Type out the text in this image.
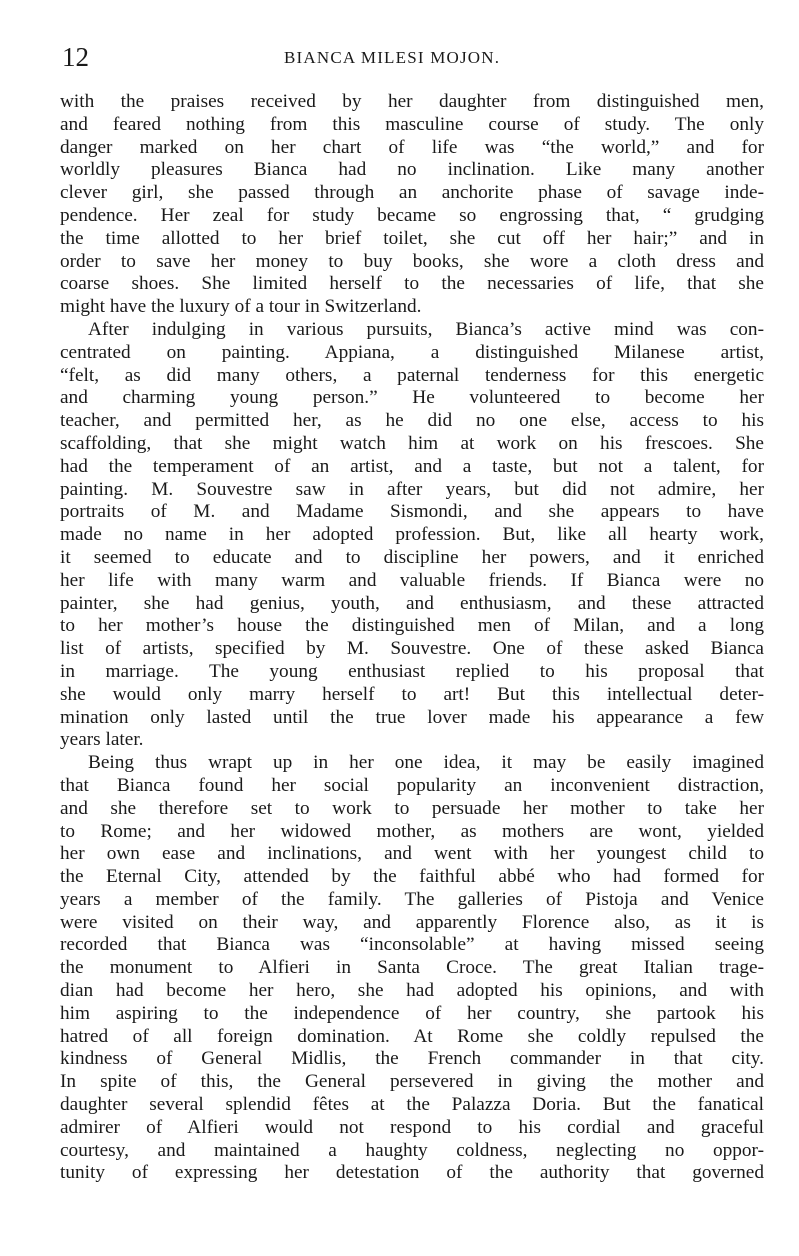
12	BIANCA MILESI MOJON.
with the praises received by her daughter from distinguished men,
and feared nothing from this masculine course of study. The only
danger marked on her chart of life was “the world,” and for
worldly pleasures Bianca had no inclination. Like many another
clever girl, she passed through an anchorite phase of savage inde-
pendence. Her zeal for study became so engrossing that, “ grudging
the time allotted to her brief toilet, she cut off her hair;” and in
order to save her money to buy books, she wore a cloth dress and
coarse shoes. She limited herself to the necessaries of life, that she
might have the luxury of a tour in Switzerland.
After indulging in various pursuits, Bianca’s active mind was con-
centrated on painting. Appiana, a distinguished Milanese artist,
“felt, as did many others, a paternal tenderness for this energetic
and charming young person.” He volunteered to become her
teacher, and permitted her, as he did no one else, access to his
scaffolding, that she might watch him at work on his frescoes. She
had the temperament of an artist, and a taste, but not a talent, for
painting. M. Souvestre saw in after years, but did not admire, her
portraits of M. and Madame Sismondi, and she appears to have
made no name in her adopted profession. But, like all hearty work,
it seemed to educate and to discipline her powers, and it enriched
her life with many warm and valuable friends. If Bianca were no
painter, she had genius, youth, and enthusiasm, and these attracted
to her mother’s house the distinguished men of Milan, and a long
list of artists, specified by M. Souvestre. One of these asked Bianca
in marriage. The young enthusiast replied to his proposal that
she would only marry herself to art! But this intellectual deter-
mination only lasted until the true lover made his appearance a few
years later.
Being thus wrapt up in her one idea, it may be easily imagined
that Bianca found her social popularity an inconvenient distraction,
and she therefore set to work to persuade her mother to take her
to Rome; and her widowed mother, as mothers are wont, yielded
her own ease and inclinations, and went with her youngest child to
the Eternal City, attended by the faithful abbé who had formed for
years a member of the family. The galleries of Pistoja and Venice
were visited on their way, and apparently Florence also, as it is
recorded that Bianca was “inconsolable” at having missed seeing
the monument to Alfieri in Santa Croce. The great Italian trage-
dian had become her hero, she had adopted his opinions, and with
him aspiring to the independence of her country, she partook his
hatred of all foreign domination. At Rome she coldly repulsed the
kindness of General Midlis, the French commander in that city.
In spite of this, the General persevered in giving the mother and
daughter several splendid fêtes at the Palazza Doria. But the fanatical
admirer of Alfieri would not respond to his cordial and graceful
courtesy, and maintained a haughty coldness, neglecting no oppor-
tunity of expressing her detestation of the authority that governed
